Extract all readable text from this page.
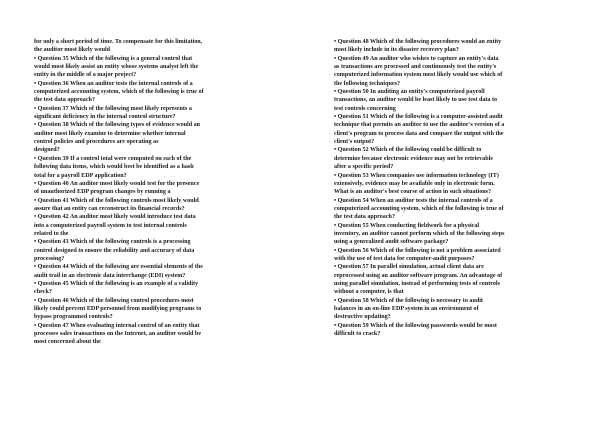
for only a short period of time. To compensate for this limitation,
the auditor most likely would
• Question 35 Which of the following is a general control that
would most likely assist an entity whose systems analyst left the
entity in the middle of a major project?
• Question 36 When an auditor tests the internal controls of a
computerized accounting system, which of the following is true of
the test data approach?
• Question 37 Which of the following most likely represents a
significant deficiency in the internal control structure?
• Question 38 Which of the following types of evidence would an
auditor most likely examine to determine whether internal
control policies and procedures are operating as
designed?
• Question 39 If a control total were computed on each of the
following data items, which would best be identified as a hash
total for a payroll EDP application?
• Question 40 An auditor most likely would test for the presence
of unauthorized EDP program changes by running a
• Question 41 Which of the following controls most likely would
assure that an entity can reconstruct its financial records?
• Question 42 An auditor most likely would introduce test data
into a computerized payroll system to test internal controls
related to the
• Question 43 Which of the following controls is a processing
control designed to ensure the reliability and accuracy of data
processing?
• Question 44 Which of the following are essential elements of the
audit trail in an electronic data interchange (EDI) system?
• Question 45 Which of the following is an example of a validity
check?
• Question 46 Which of the following control procedures most
likely could prevent EDP personnel from modifying programs to
bypass programmed controls?
• Question 47 When evaluating internal control of an entity that
processes sales transactions on the Internet, an auditor would be
most concerned about the
• Question 48 Which of the following procedures would an entity
most likely include in its disaster recovery plan?
• Question 49 An auditor who wishes to capture an entity's data
as transactions are processed and continuously test the entity's
computerized information system most likely would use which of
the following techniques?
• Question 50 In auditing an entity's computerized payroll
transactions, an auditor would be least likely to use test data to
test controls concerning
• Question 51 Which of the following is a computer-assisted audit
technique that permits an auditor to use the auditor's version of a
client's program to process data and compare the output with the
client's output?
• Question 52 Which of the following could be difficult to
determine because electronic evidence may not be retrievable
after a specific period?
• Question 53 When companies use information technology (IT)
extensively, evidence may be available only in electronic form.
What is an auditor's best course of action in such situations?
• Question 54 When an auditor tests the internal controls of a
computerized accounting system, which of the following is true of
the test data approach?
• Question 55 When conducting fieldwork for a physical
inventory, an auditor cannot perform which of the following steps
using a generalized audit software package?
• Question 56 Which of the following is not a problem associated
with the use of test data for computer-audit purposes?
• Question 57 In parallel simulation, actual client data are
reprocessed using an auditor software program. An advantage of
using parallel simulation, instead of performing tests of controls
without a computer, is that
• Question 58 Which of the following is necessary to audit
balances in an on-line EDP system in an environment of
destructive updating?
• Question 59 Which of the following passwords would be most
difficult to crack?
